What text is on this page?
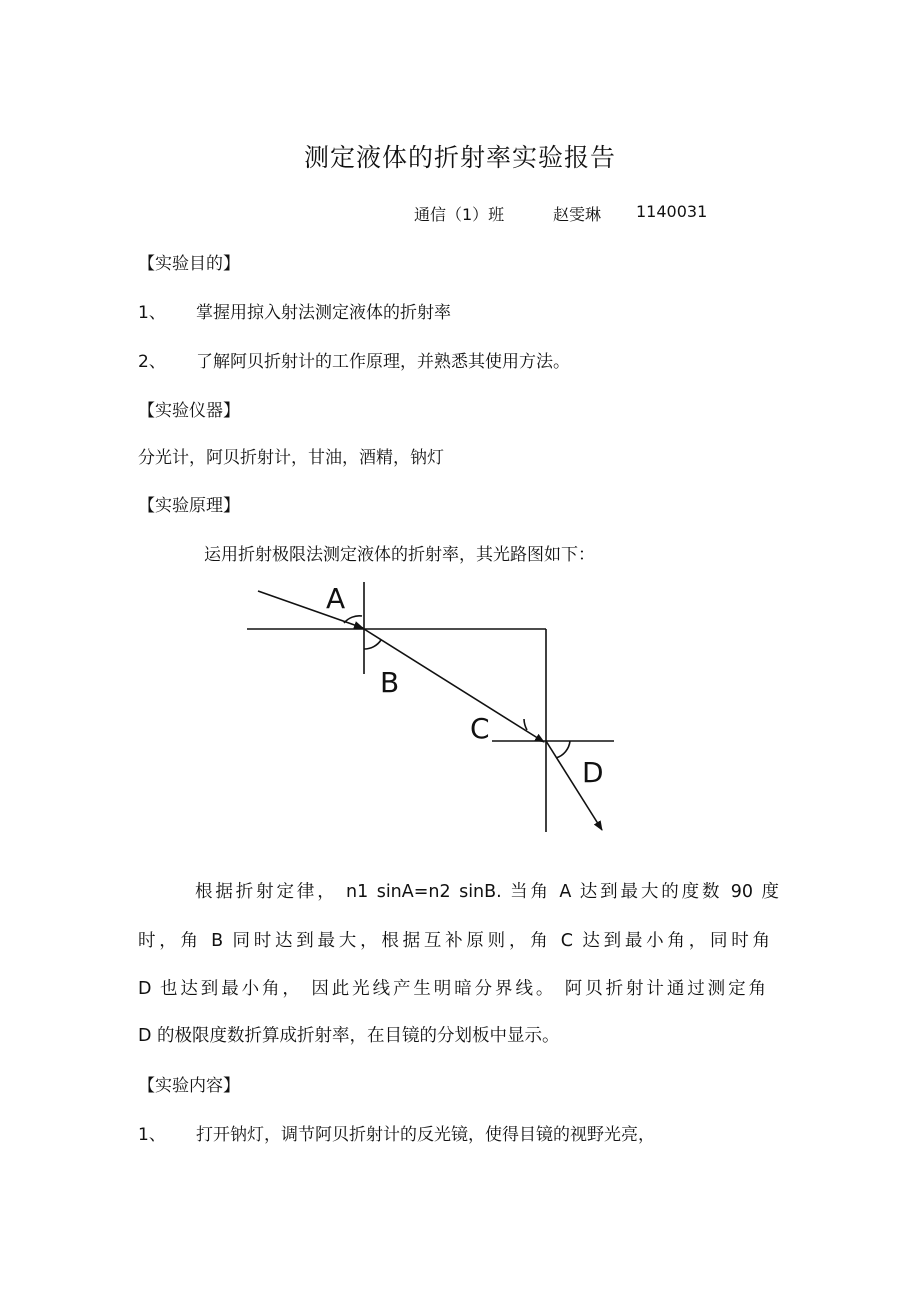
测定液体的折射率实验报告
通信（1）班	赵雯琳 1140031
【实验目的】
1、 掌握用掠入射法测定液体的折射率
2、 了解阿贝折射计的工作原理，并熟悉其使用方法。
【实验仪器】
分光计，阿贝折射计，甘油，酒精，钠灯
【实验原理】
运用折射极限法测定液体的折射率，其光路图如下：
A
B
C
D
根据折射定律， n1 sinA=n2 sinB. 当角 A 达到最大的度数 90 度
时，角 B 同时达到最大，根据互补原则，角 C 达到最小角，同时角
D 也达到最小角， 因此光线产生明暗分界线。 阿贝折射计通过测定角
D 的极限度数折算成折射率，在目镜的分划板中显示。
【实验内容】
1、 打开钠灯，调节阿贝折射计的反光镜，使得目镜的视野光亮，
